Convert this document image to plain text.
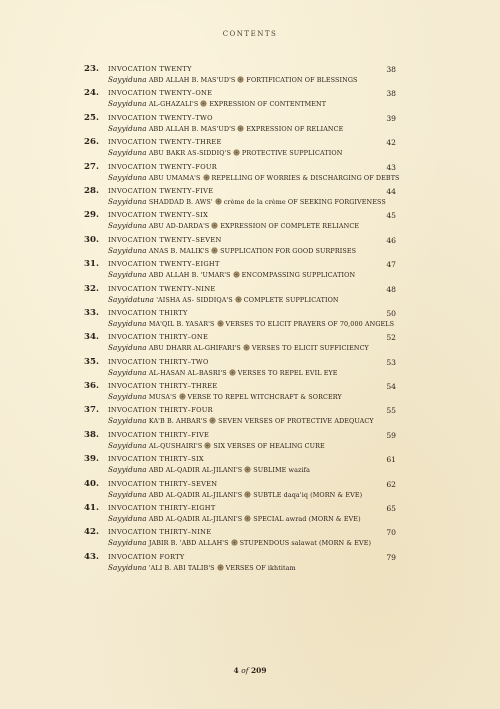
CONTENTS
23. INVOCATION TWENTY	38
Sayyiduna ABD ALLAH B. MAS'UD'S FORTIFICATION OF BLESSINGS
24. INVOCATION TWENTY–ONE	38
Sayyiduna AL-GHAZALI'S EXPRESSION OF CONTENTMENT
25. INVOCATION TWENTY–TWO	39
Sayyiduna ABD ALLAH B. MAS'UD'S EXPRESSION OF RELIANCE
26. INVOCATION TWENTY–THREE	42
Sayyiduna ABU BAKR AS-SIDDIQ'S PROTECTIVE SUPPLICATION
27. INVOCATION TWENTY–FOUR	43
Sayyiduna ABU UMAMA'S REPELLING OF WORRIES & DISCHARGING OF DEBTS
28. INVOCATION TWENTY–FIVE	44
Sayyiduna SHADDAD B. AWS' crème de la crème OF SEEKING FORGIVENESS
29. INVOCATION TWENTY–SIX	45
Sayyiduna ABU AD-DARDA'S EXPRESSION OF COMPLETE RELIANCE
30. INVOCATION TWENTY–SEVEN	46
Sayyiduna ANAS B. MALIK'S SUPPLICATION FOR GOOD SURPRISES
31. INVOCATION TWENTY–EIGHT	47
Sayyiduna ABD ALLAH B. 'UMAR'S ENCOMPASSING SUPPLICATION
32. INVOCATION TWENTY–NINE	48
Sayyidatuna 'AISHA AS- SIDDIQA'S COMPLETE SUPPLICATION
33. INVOCATION THIRTY	50
Sayyiduna MA'QIL B. YASAR'S VERSES TO ELICIT PRAYERS OF 70,000 ANGELS
34. INVOCATION THIRTY–ONE	52
Sayyiduna ABU DHARR AL-GHIFARI'S VERSES TO ELICIT SUFFICIENCY
35. INVOCATION THIRTY–TWO	53
Sayyiduna AL-HASAN AL-BASRI'S VERSES TO REPEL EVIL EYE
36. INVOCATION THIRTY–THREE	54
Sayyiduna MUSA'S VERSE TO REPEL WITCHCRAFT & SORCERY
37. INVOCATION THIRTY–FOUR	55
Sayyiduna KA'B B. AHBAR'S SEVEN VERSES OF PROTECTIVE ADEQUACY
38. INVOCATION THIRTY–FIVE	59
Sayyiduna AL-QUSHAIRI'S SIX VERSES OF HEALING CURE
39. INVOCATION THIRTY–SIX	61
Sayyiduna ABD AL-QADIR AL-JILANI'S SUBLIME wazifa
40. INVOCATION THIRTY–SEVEN	62
Sayyiduna ABD AL-QADIR AL-JILANI'S SUBTLE daqa'iq (MORN & EVE)
41. INVOCATION THIRTY–EIGHT	65
Sayyiduna ABD AL-QADIR AL-JILANI'S SPECIAL awrad (MORN & EVE)
42. INVOCATION THIRTY–NINE	70
Sayyiduna JABIR B. 'ABD ALLAH'S STUPENDOUS salawat (MORN & EVE)
43. INVOCATION FORTY	79
Sayyiduna 'ALI B. ABI TALIB'S VERSES OF ikhtitam
4 of 209
